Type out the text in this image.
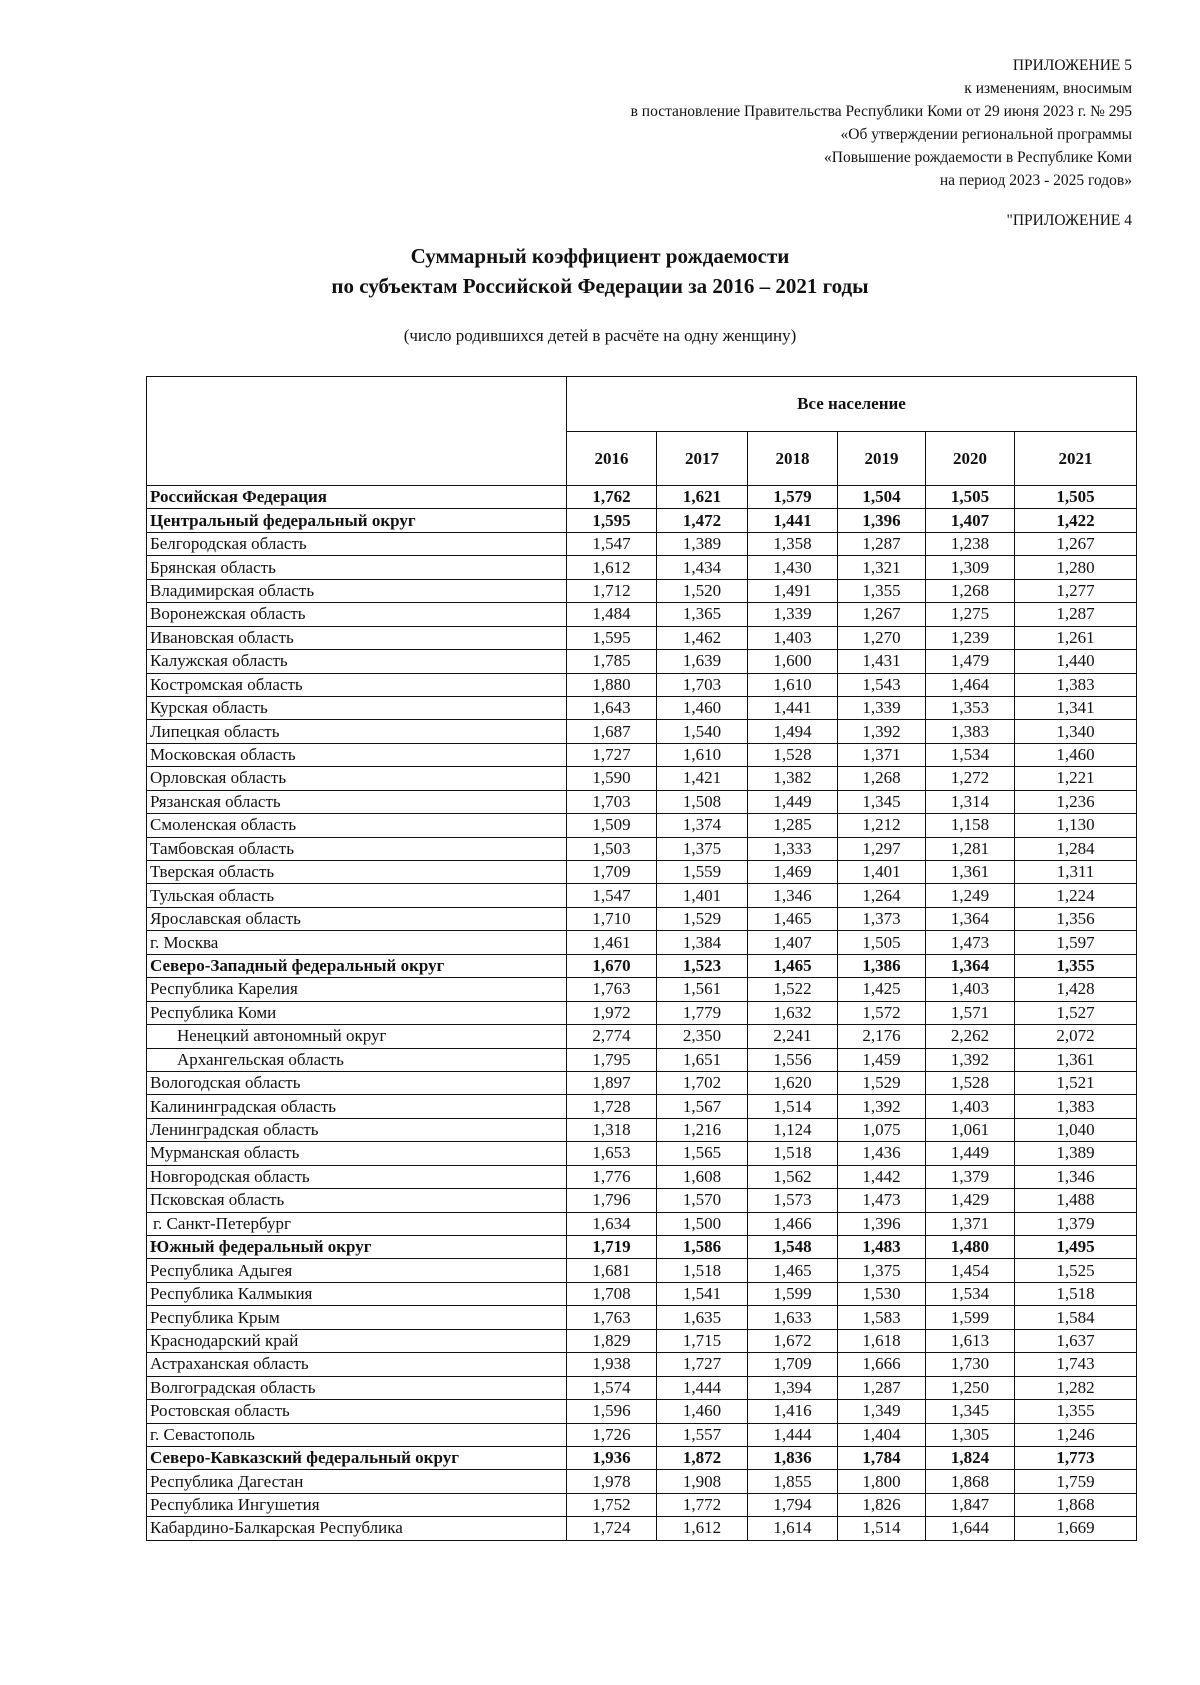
ПРИЛОЖЕНИЕ 5
к изменениям, вносимым
в постановление Правительства Республики Коми от 29 июня 2023 г. № 295
«Об утверждении региональной программы
«Повышение рождаемости в Республике Коми
на период 2023 - 2025 годов»
"ПРИЛОЖЕНИЕ 4
Суммарный коэффициент рождаемости
по субъектам Российской Федерации за 2016 – 2021 годы
(число родившихся детей в расчёте на одну женщину)
	Все население					
	2016	2017	2018	2019	2020	2021
Российская Федерация	1,762	1,621	1,579	1,504	1,505	1,505
Центральный федеральный округ	1,595	1,472	1,441	1,396	1,407	1,422
Белгородская область	1,547	1,389	1,358	1,287	1,238	1,267
Брянская область	1,612	1,434	1,430	1,321	1,309	1,280
Владимирская область	1,712	1,520	1,491	1,355	1,268	1,277
Воронежская область	1,484	1,365	1,339	1,267	1,275	1,287
Ивановская область	1,595	1,462	1,403	1,270	1,239	1,261
Калужская область	1,785	1,639	1,600	1,431	1,479	1,440
Костромская область	1,880	1,703	1,610	1,543	1,464	1,383
Курская область	1,643	1,460	1,441	1,339	1,353	1,341
Липецкая область	1,687	1,540	1,494	1,392	1,383	1,340
Московская область	1,727	1,610	1,528	1,371	1,534	1,460
Орловская область	1,590	1,421	1,382	1,268	1,272	1,221
Рязанская область	1,703	1,508	1,449	1,345	1,314	1,236
Смоленская область	1,509	1,374	1,285	1,212	1,158	1,130
Тамбовская область	1,503	1,375	1,333	1,297	1,281	1,284
Тверская область	1,709	1,559	1,469	1,401	1,361	1,311
Тульская область	1,547	1,401	1,346	1,264	1,249	1,224
Ярославская область	1,710	1,529	1,465	1,373	1,364	1,356
г. Москва	1,461	1,384	1,407	1,505	1,473	1,597
Северо-Западный федеральный округ	1,670	1,523	1,465	1,386	1,364	1,355
Республика Карелия	1,763	1,561	1,522	1,425	1,403	1,428
Республика Коми	1,972	1,779	1,632	1,572	1,571	1,527
Ненецкий автономный округ	2,774	2,350	2,241	2,176	2,262	2,072
Архангельская область	1,795	1,651	1,556	1,459	1,392	1,361
Вологодская область	1,897	1,702	1,620	1,529	1,528	1,521
Калининградская область	1,728	1,567	1,514	1,392	1,403	1,383
Ленинградская область	1,318	1,216	1,124	1,075	1,061	1,040
Мурманская область	1,653	1,565	1,518	1,436	1,449	1,389
Новгородская область	1,776	1,608	1,562	1,442	1,379	1,346
Псковская область	1,796	1,570	1,573	1,473	1,429	1,488
г. Санкт-Петербург	1,634	1,500	1,466	1,396	1,371	1,379
Южный федеральный округ	1,719	1,586	1,548	1,483	1,480	1,495
Республика Адыгея	1,681	1,518	1,465	1,375	1,454	1,525
Республика Калмыкия	1,708	1,541	1,599	1,530	1,534	1,518
Республика Крым	1,763	1,635	1,633	1,583	1,599	1,584
Краснодарский край	1,829	1,715	1,672	1,618	1,613	1,637
Астраханская область	1,938	1,727	1,709	1,666	1,730	1,743
Волгоградская область	1,574	1,444	1,394	1,287	1,250	1,282
Ростовская область	1,596	1,460	1,416	1,349	1,345	1,355
г. Севастополь	1,726	1,557	1,444	1,404	1,305	1,246
Северо-Кавказский федеральный округ	1,936	1,872	1,836	1,784	1,824	1,773
Республика Дагестан	1,978	1,908	1,855	1,800	1,868	1,759
Республика Ингушетия	1,752	1,772	1,794	1,826	1,847	1,868
Кабардино-Балкарская Республика	1,724	1,612	1,614	1,514	1,644	1,669
